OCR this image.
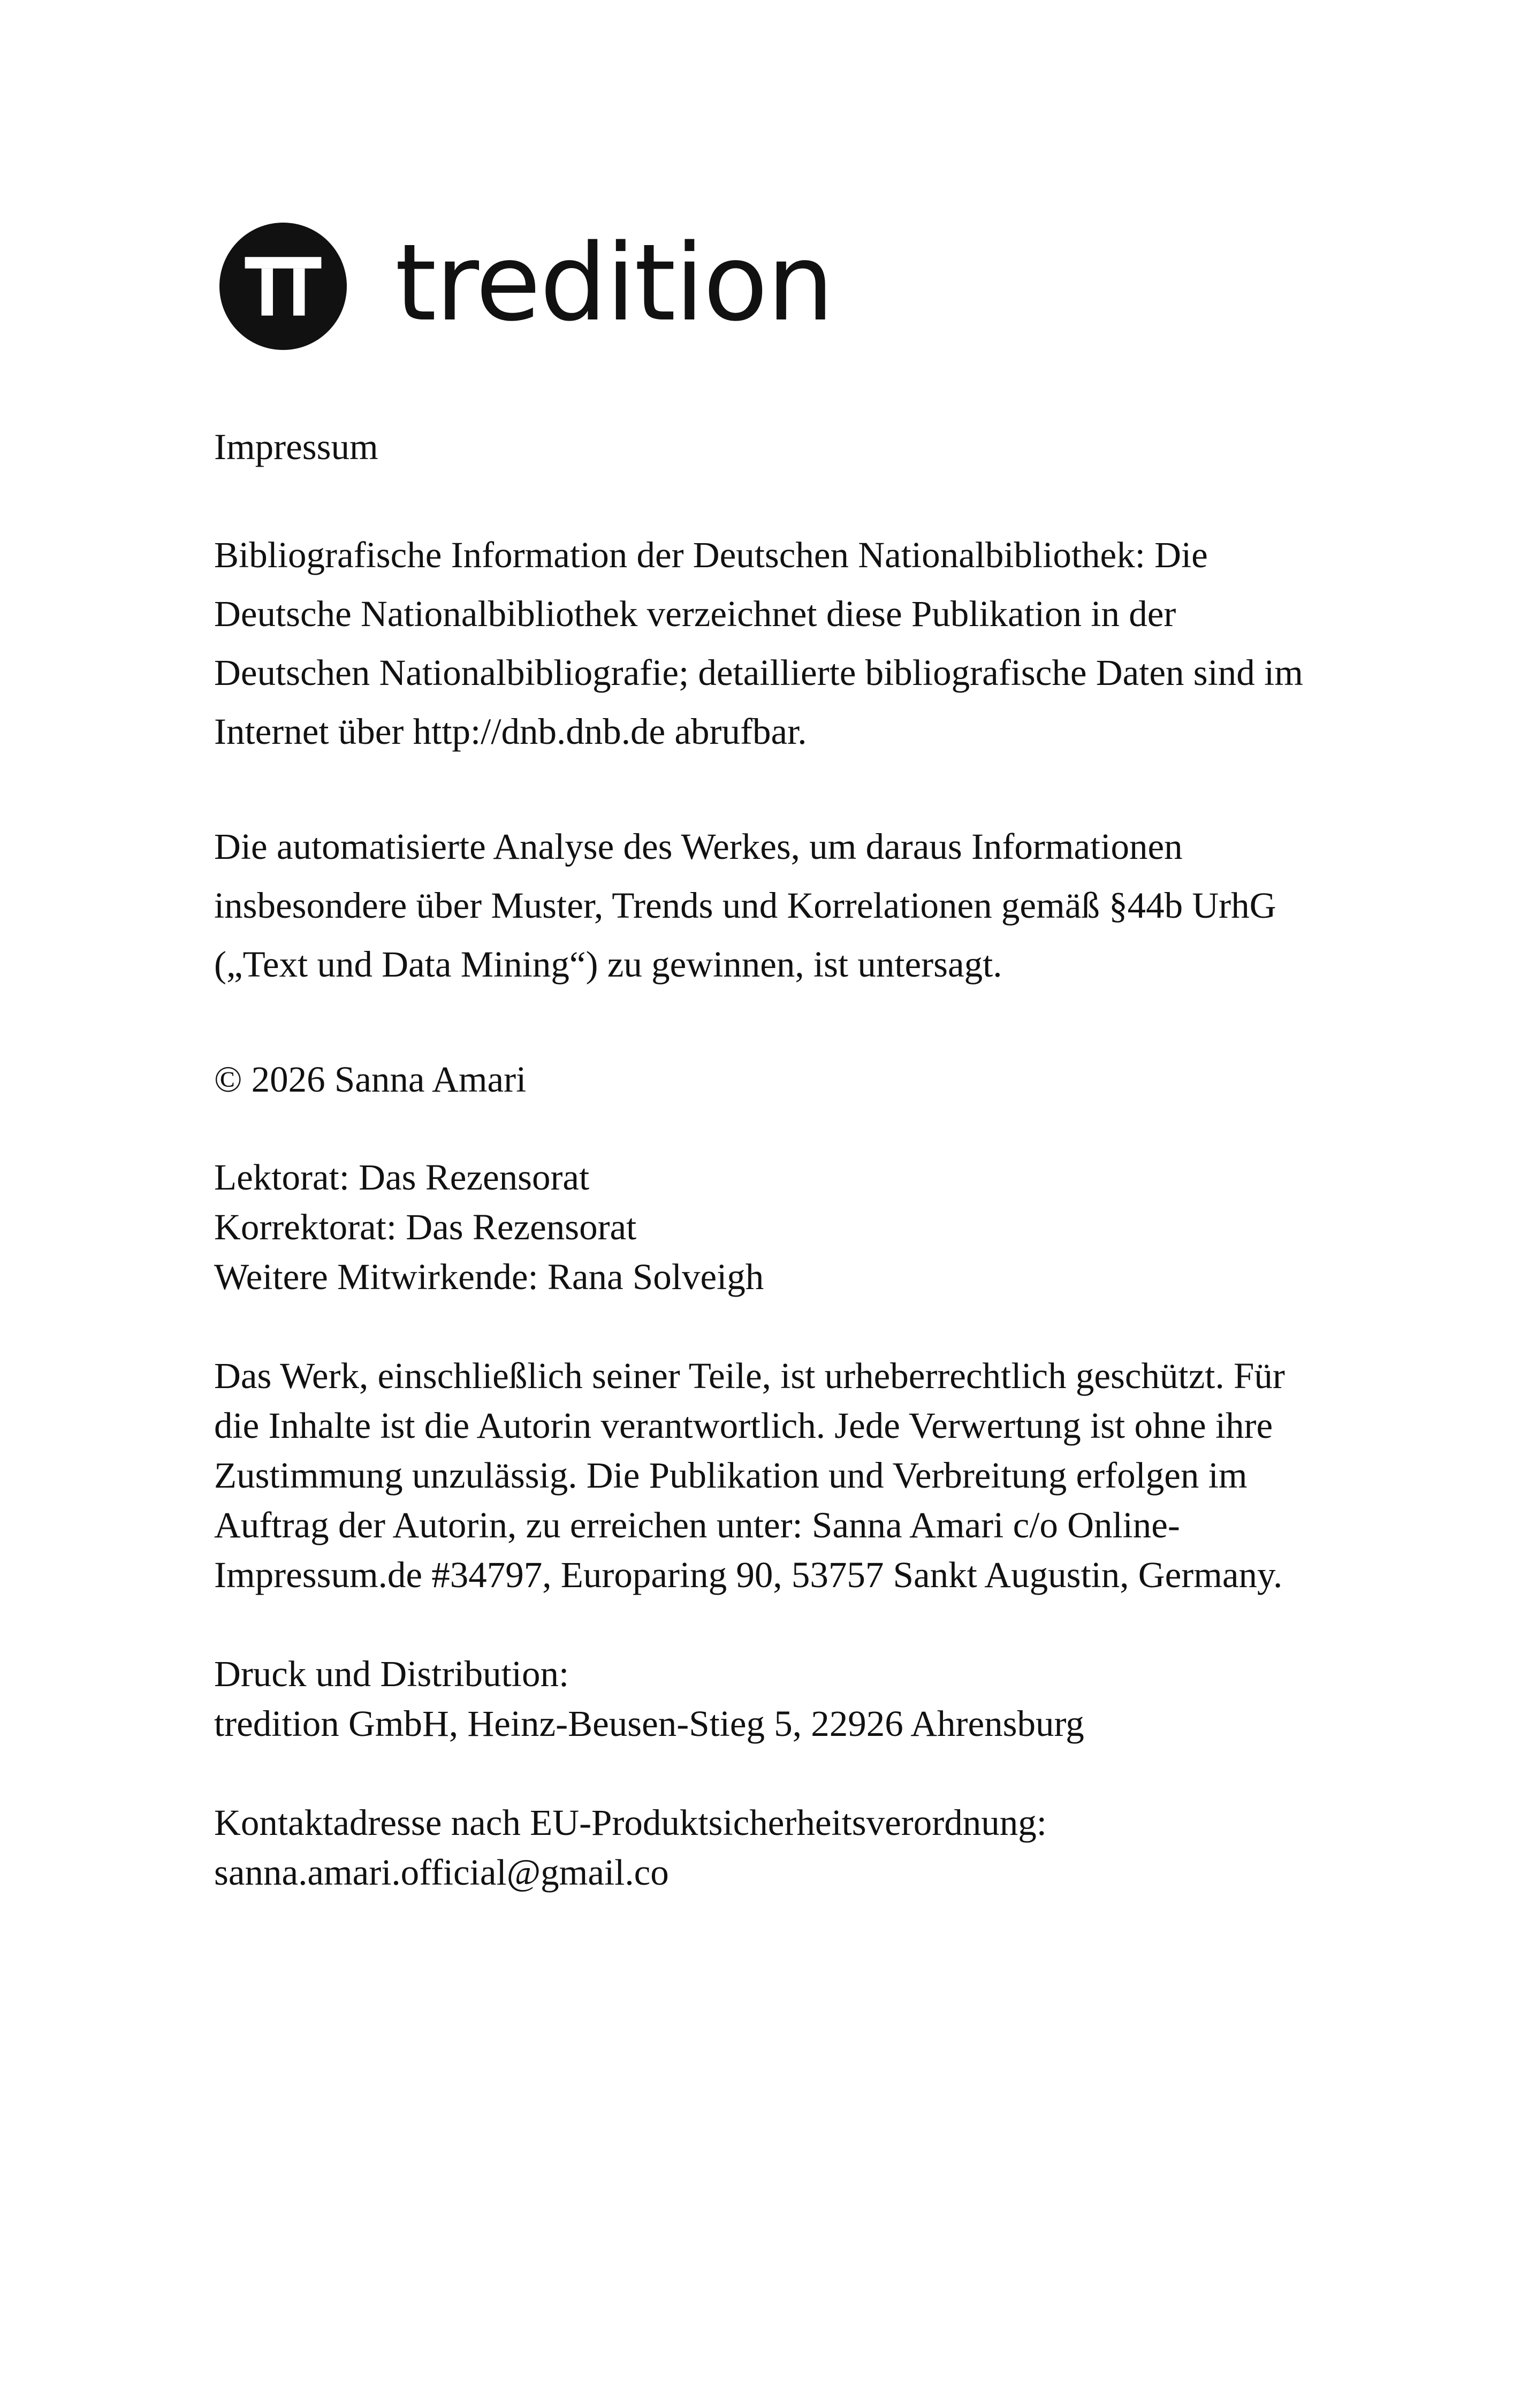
tredition

Impressum

Bibliografische Information der Deutschen Nationalbibliothek: Die Deutsche Nationalbibliothek verzeichnet diese Publikation in der Deutschen Nationalbibliografie; detaillierte bibliografische Daten sind im Internet über http://dnb.dnb.de abrufbar.

Die automatisierte Analyse des Werkes, um daraus Informationen insbesondere über Muster, Trends und Korrelationen gemäß §44b UrhG („Text und Data Mining“) zu gewinnen, ist untersagt.

© 2026 Sanna Amari

Lektorat: Das Rezensorat
Korrektorat: Das Rezensorat
Weitere Mitwirkende: Rana Solveigh

Das Werk, einschließlich seiner Teile, ist urheberrechtlich geschützt. Für die Inhalte ist die Autorin verantwortlich. Jede Verwertung ist ohne ihre Zustimmung unzulässig. Die Publikation und Verbreitung erfolgen im Auftrag der Autorin, zu erreichen unter: Sanna Amari c/o Online-Impressum.de #34797, Europaring 90, 53757 Sankt Augustin, Germany.

Druck und Distribution:
tredition GmbH, Heinz-Beusen-Stieg 5, 22926 Ahrensburg
Kontaktadresse nach EU-Produktsicherheitsverordnung:
sanna.amari.official@gmail.co
